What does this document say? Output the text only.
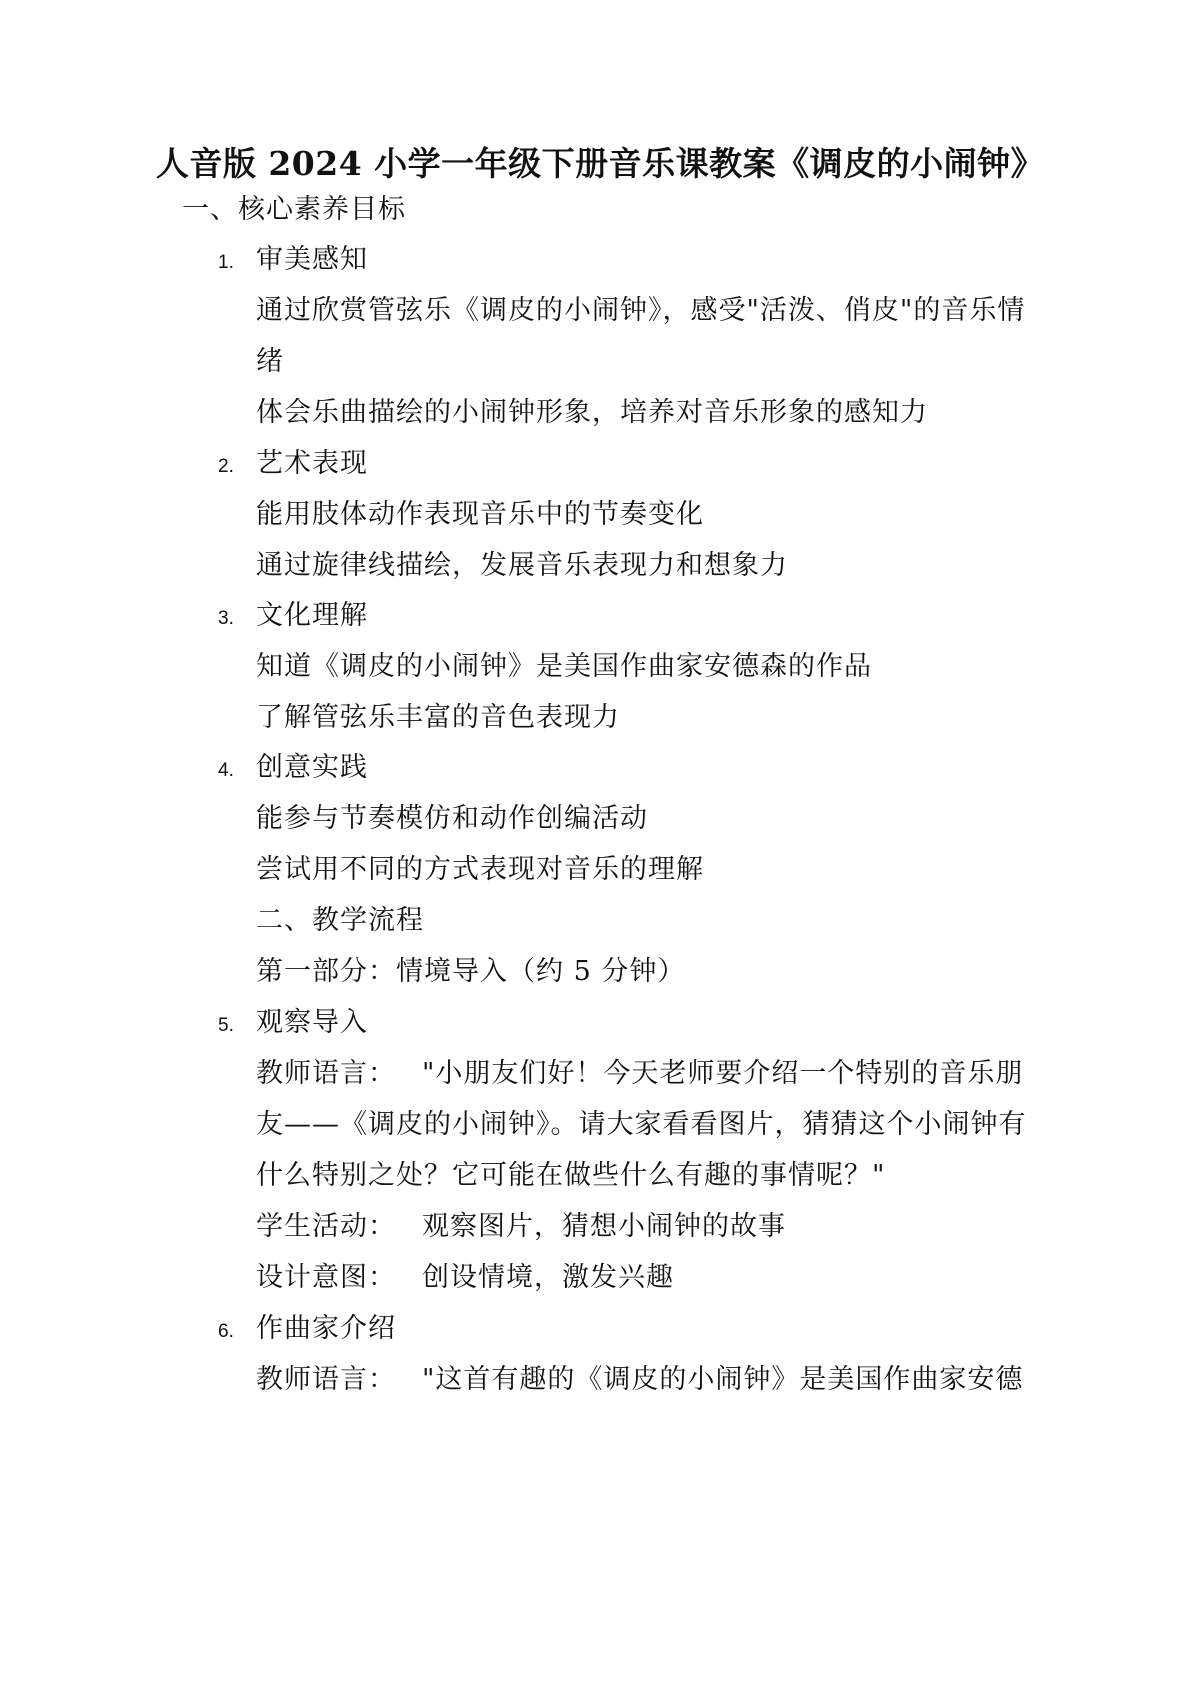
人音版 2024 小学一年级下册音乐课教案《调皮的小闹钟》
一、核心素养目标
1. 审美感知
通过欣赏管弦乐《调皮的小闹钟》，感受"活泼、俏皮"的音乐情
绪
体会乐曲描绘的小闹钟形象，培养对音乐形象的感知力
2. 艺术表现
能用肢体动作表现音乐中的节奏变化
通过旋律线描绘，发展音乐表现力和想象力
3. 文化理解
知道《调皮的小闹钟》是美国作曲家安德森的作品
了解管弦乐丰富的音色表现力
4. 创意实践
能参与节奏模仿和动作创编活动
尝试用不同的方式表现对音乐的理解
二、教学流程
第一部分：情境导入（约 5 分钟）
5. 观察导入
教师语言： "小朋友们好！今天老师要介绍一个特别的音乐朋
友——《调皮的小闹钟》。请大家看看图片，猜猜这个小闹钟有
什么特别之处？它可能在做些什么有趣的事情呢？"
学生活动： 观察图片，猜想小闹钟的故事
设计意图： 创设情境，激发兴趣
6. 作曲家介绍
教师语言： "这首有趣的《调皮的小闹钟》是美国作曲家安德
